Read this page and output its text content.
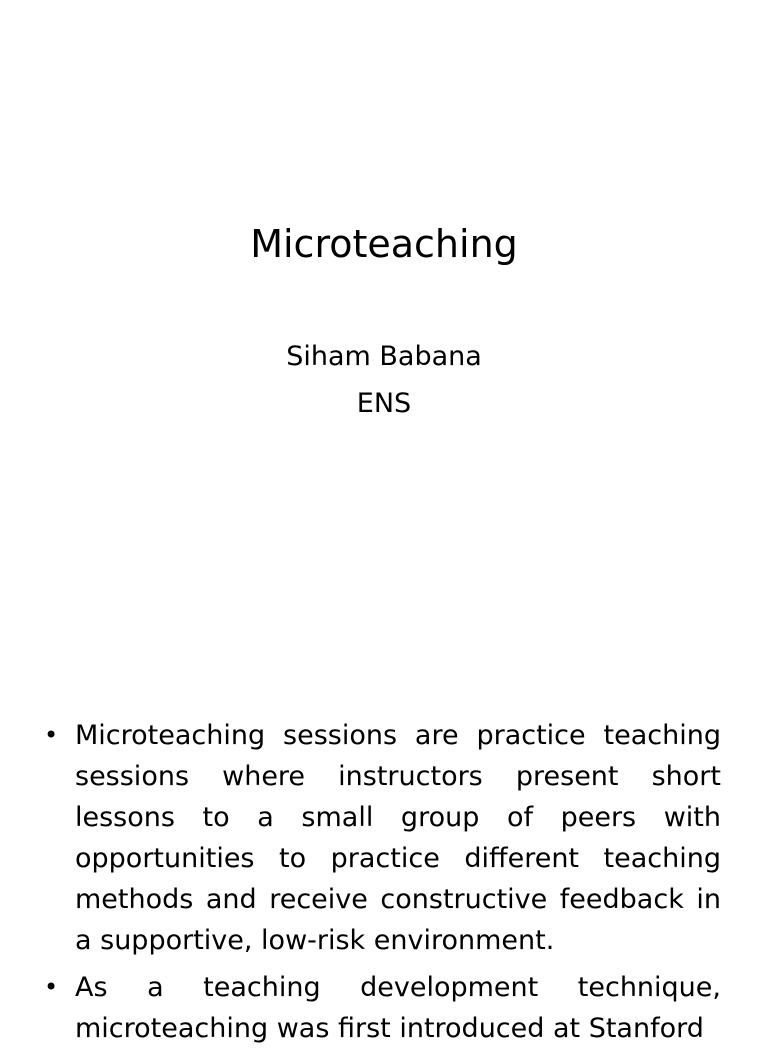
Microteaching
Siham Babana
ENS
• Microteaching sessions are practice teaching sessions where instructors present short lessons to a small group of peers with opportunities to practice different teaching methods and receive constructive feedback in a supportive, low-risk environment.
• As a teaching development technique, microteaching was first introduced at Stanford
